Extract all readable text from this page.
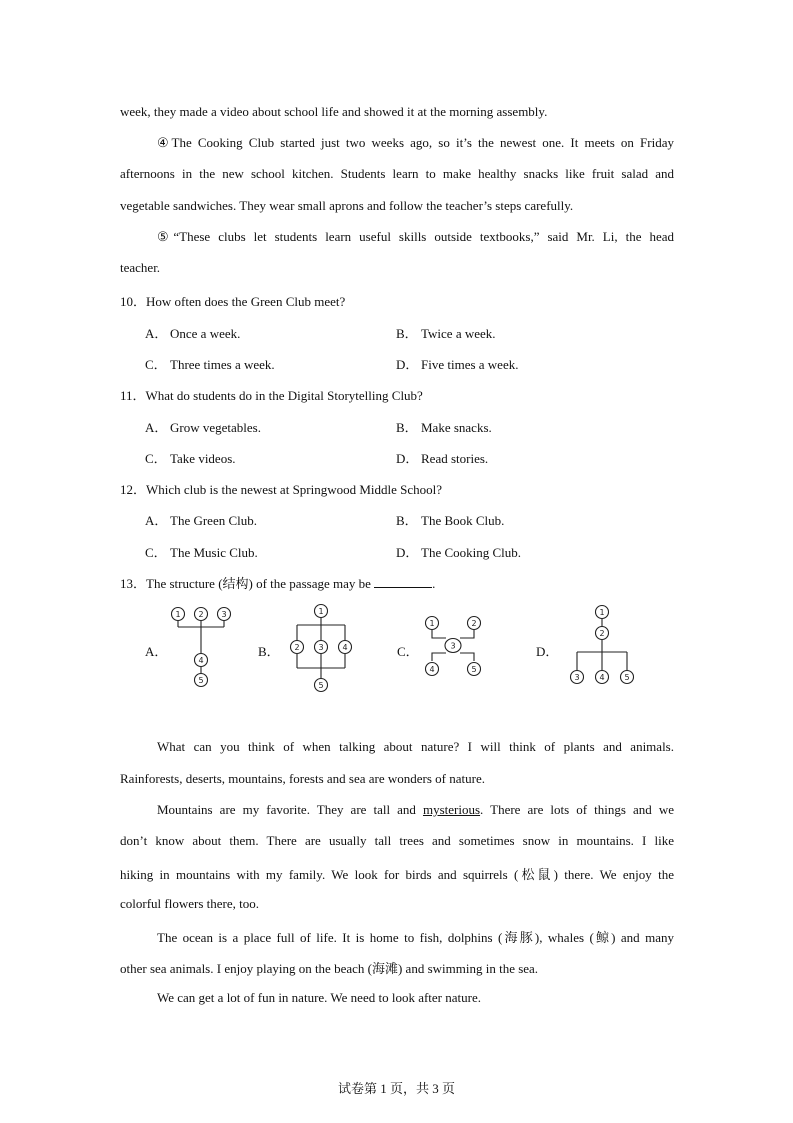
week, they made a video about school life and showed it at the morning assembly.
④The Cooking Club started just two weeks ago, so it’s the newest one. It meets on Friday
afternoons in the new school kitchen. Students learn to make healthy snacks like fruit salad and
vegetable sandwiches. They wear small aprons and follow the teacher’s steps carefully.
⑤“These clubs let students learn useful skills outside textbooks,” said Mr. Li, the head
teacher.
10．How often does the Green Club meet?
A． Once a week.	B． Twice a week.
C． Three times a week.	D． Five times a week.
11．What do students do in the Digital Storytelling Club?
A． Grow vegetables.	B． Make snacks.
C． Take videos.	D． Read stories.
12．Which club is the newest at Springwood Middle School?
A． The Green Club.	B． The Book Club.
C． The Music Club.	D． The Cooking Club.
13．The structure (结构) of the passage may be	.
A．	B．	C．	D．
1 2 3
4
5
1
2 3 4
5
1	2
3
4	5
1
2
3 4 5
What can you think of when talking about nature? I will think of plants and animals.
Rainforests, deserts, mountains, forests and sea are wonders of nature.
Mountains are my favorite. They are tall and mysterious. There are lots of things and we
don’t know about them. There are usually tall trees and sometimes snow in mountains. I like
hiking in mountains with my family. We look for birds and squirrels (松鼠) there. We enjoy the
colorful flowers there, too.
The ocean is a place full of life. It is home to fish, dolphins (海豚), whales (鲸) and many
other sea animals. I enjoy playing on the beach (海滩) and swimming in the sea.
We can get a lot of fun in nature. We need to look after nature.
试卷第 1 页，共 3 页
